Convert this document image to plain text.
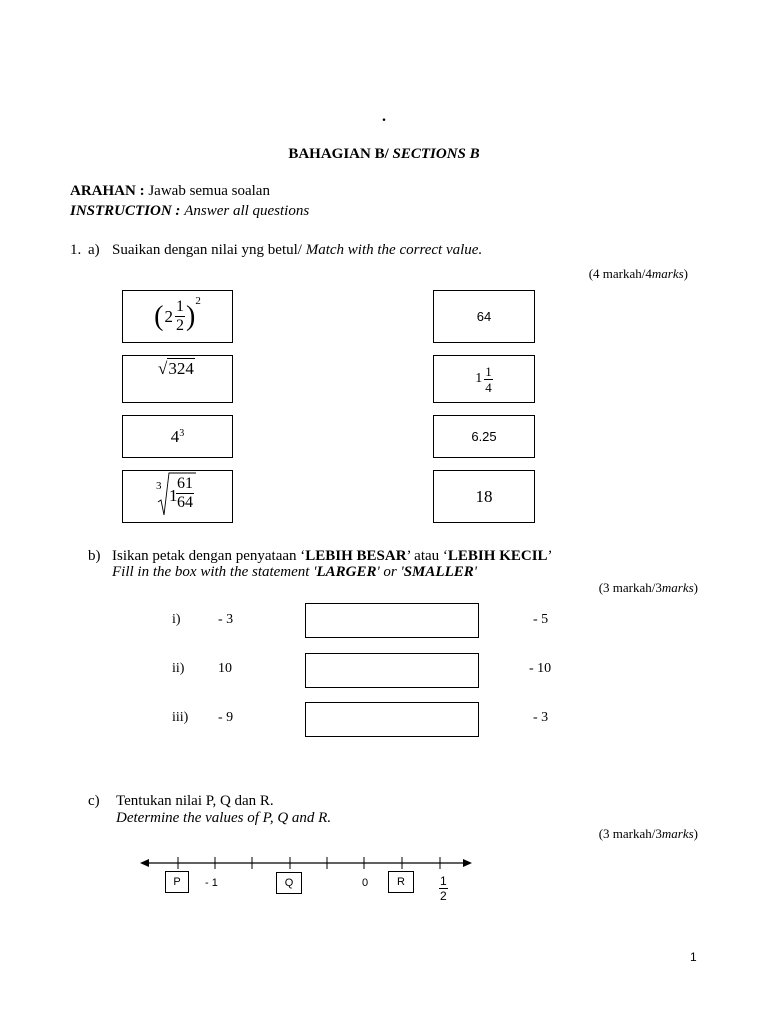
.
BAHAGIAN B/ SECTIONS B
ARAHAN : Jawab semua soalan
INSTRUCTION : Answer all questions
1. a) Suaikan dengan nilai yng betul/ Match with the correct value.
(4 markah/4marks)
( $2 \frac{1}{2}$ ) 2
√324
4 3
3 1
$\frac{61}{64}$
64
$1 \frac{1}{4}$
6.25
18
b) Isikan petak dengan penyataan ‘LEBIH BESAR’ atau ‘LEBIH KECIL’
Fill in the box with the statement 'LARGER' or 'SMALLER'
(3 markah/3marks)
i)	- 3	- 5
ii) 10	- 10
iii) - 9	- 3
c) Tentukan nilai P, Q dan R.
Determine the values of P, Q and R.
(3 markah/3marks)
P	- 1	Q	0	R	$\frac{1}{2}$
1
